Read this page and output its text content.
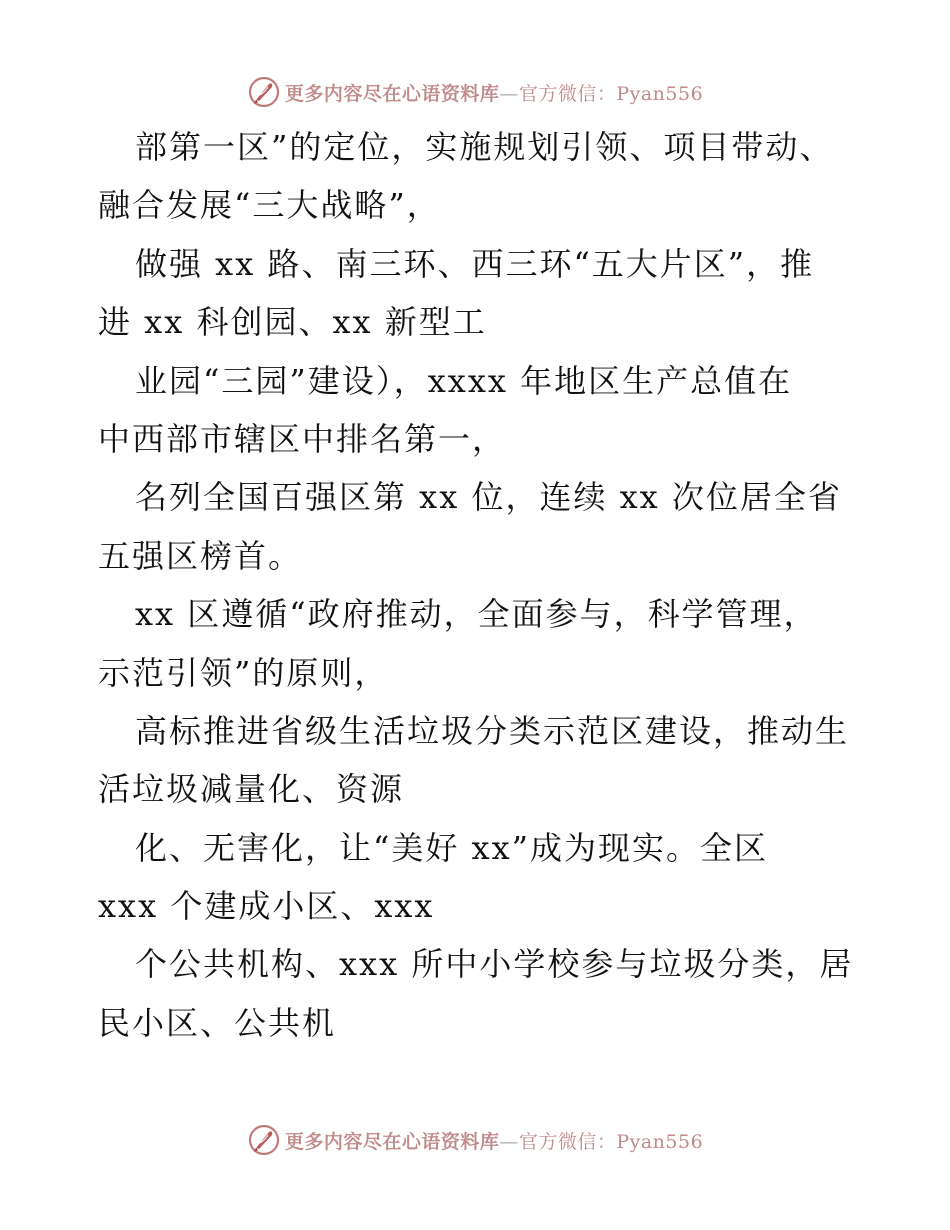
更多内容尽在心语资料库—官方微信：Pyan556
部第一区”的定位，实施规划引领、项目带动、
融合发展“三大战略”，
做强 xx 路、南三环、西三环“五大片区”，推
进 xx 科创园、xx 新型工
业园“三园”建设），xxxx 年地区生产总值在
中西部市辖区中排名第一，
名列全国百强区第 xx 位，连续 xx 次位居全省
五强区榜首。
xx 区遵循“政府推动，全面参与，科学管理，
示范引领”的原则，
高标推进省级生活垃圾分类示范区建设，推动生
活垃圾减量化、资源
化、无害化，让“美好 xx”成为现实。全区
xxx 个建成小区、xxx
个公共机构、xxx 所中小学校参与垃圾分类，居
民小区、公共机
更多内容尽在心语资料库—官方微信：Pyan556
